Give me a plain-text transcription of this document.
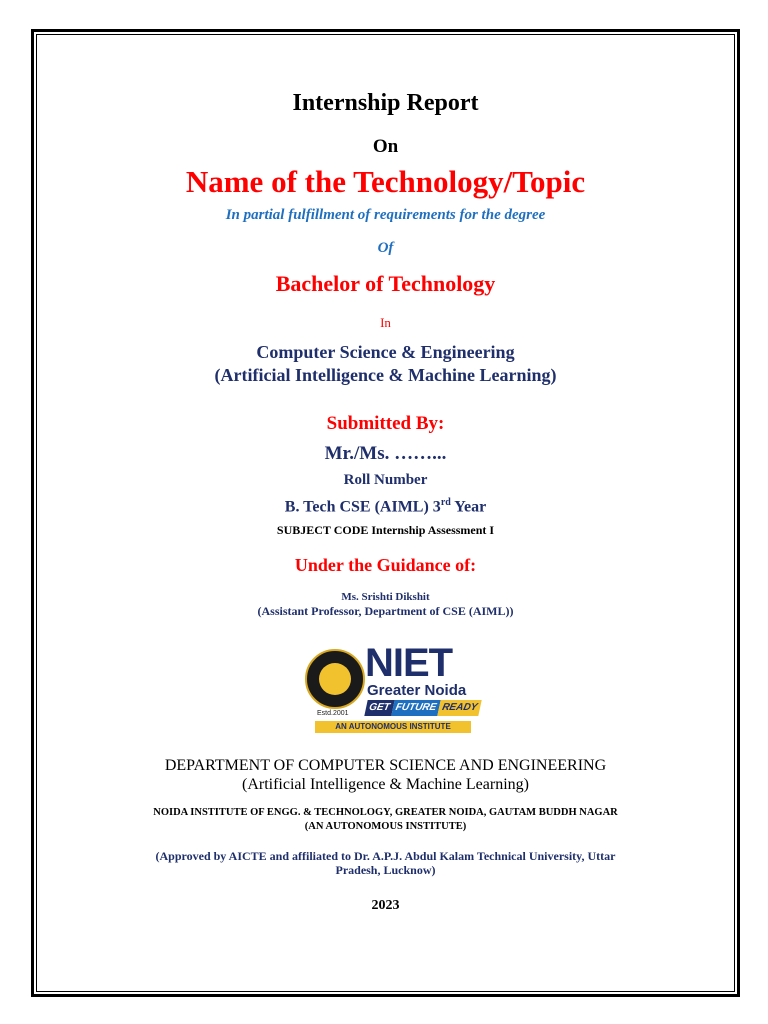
Internship Report
On
Name of the Technology/Topic
In partial fulfillment of requirements for the degree
Of
Bachelor of Technology
In
Computer Science & Engineering
(Artificial Intelligence & Machine Learning)
Submitted By:
Mr./Ms. ……...
Roll Number
B. Tech CSE (AIML) 3rd Year
SUBJECT CODE Internship Assessment I
Under the Guidance of:
Ms. Srishti Dikshit
(Assistant Professor, Department of CSE (AIML))
Estd.2001
NIET
Greater Noida
GET FUTURE READY
AN AUTONOMOUS INSTITUTE
DEPARTMENT OF COMPUTER SCIENCE AND ENGINEERING
(Artificial Intelligence & Machine Learning)
NOIDA INSTITUTE OF ENGG. & TECHNOLOGY, GREATER NOIDA, GAUTAM BUDDH NAGAR
(AN AUTONOMOUS INSTITUTE)
(Approved by AICTE and affiliated to Dr. A.P.J. Abdul Kalam Technical University, Uttar
Pradesh, Lucknow)
2023
